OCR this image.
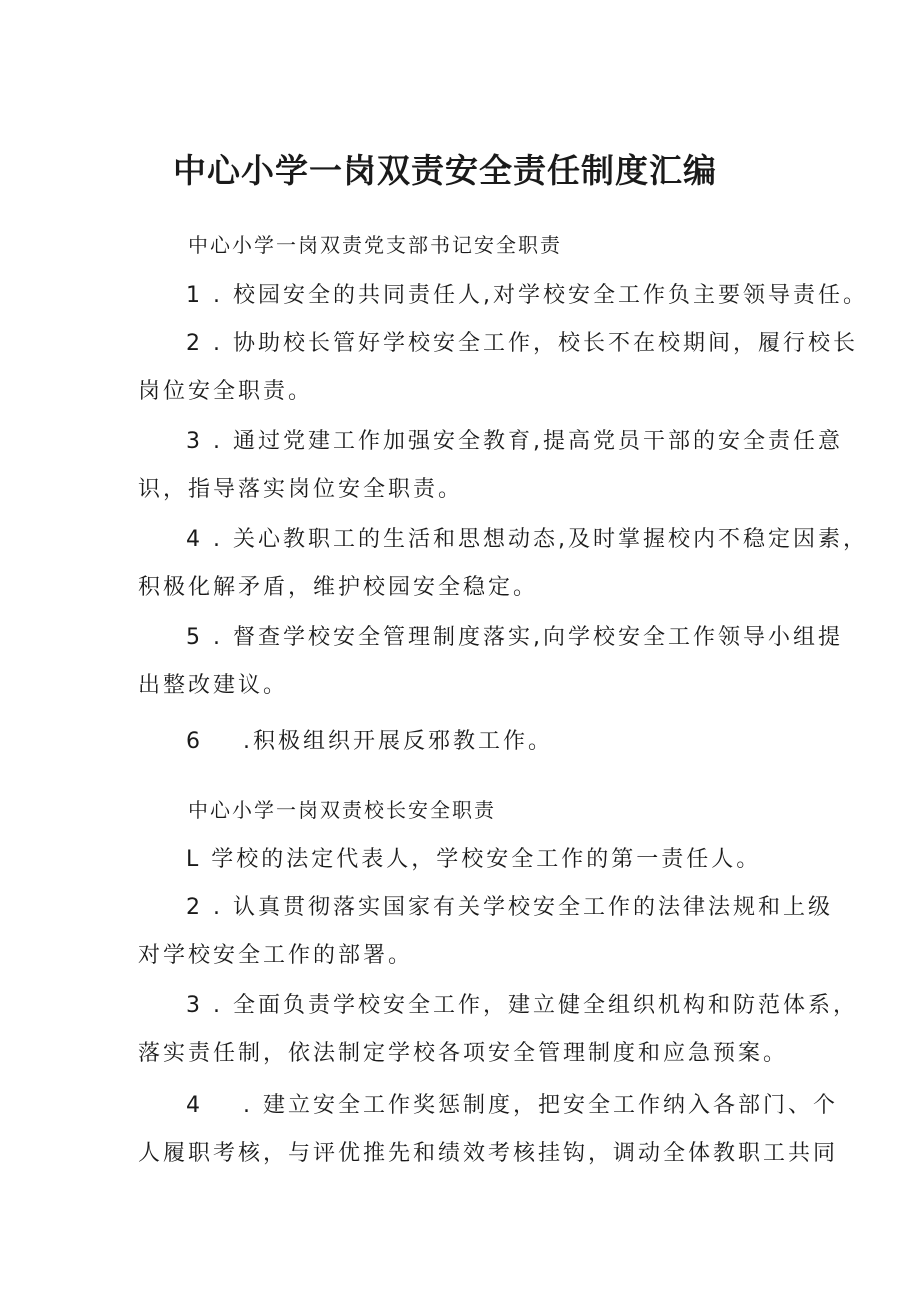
中心小学一岗双责安全责任制度汇编
中心小学一岗双责党支部书记安全职责
1 . 校园安全的共同责任人,对学校安全工作负主要领导责任。
2 . 协助校长管好学校安全工作，校长不在校期间，履行校长
岗位安全职责。
3 . 通过党建工作加强安全教育,提高党员干部的安全责任意
识，指导落实岗位安全职责。
4 . 关心教职工的生活和思想动态,及时掌握校内不稳定因素，
积极化解矛盾，维护校园安全稳定。
5 . 督查学校安全管理制度落实,向学校安全工作领导小组提
出整改建议。
6 .积极组织开展反邪教工作。
中心小学一岗双责校长安全职责
L 学校的法定代表人，学校安全工作的第一责任人。
2 . 认真贯彻落实国家有关学校安全工作的法律法规和上级
对学校安全工作的部署。
3 . 全面负责学校安全工作，建立健全组织机构和防范体系，
落实责任制，依法制定学校各项安全管理制度和应急预案。
4 . 建立安全工作奖惩制度，把安全工作纳入各部门、个
人履职考核，与评优推先和绩效考核挂钩，调动全体教职工共同
